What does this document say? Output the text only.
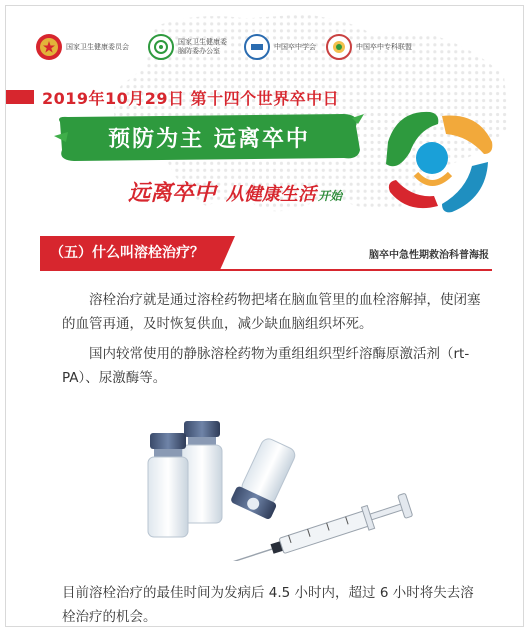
国家卫生健康委员会
国家卫生健康委
脑防委办公室
中国卒中学会	中国卒中专科联盟
2019年10月29日 第十四个世界卒中日
预防为主 远离卒中
远离卒中 从健康生活 开始
（五）什么叫溶栓治疗？	脑卒中急性期救治科普海报
溶栓治疗就是通过溶栓药物把堵在脑血管里的血栓溶解掉，使闭塞的血管再通，及时恢复供血，减少缺血脑组织坏死。
国内较常使用的静脉溶栓药物为重组组织型纤溶酶原激活剂（rt-PA）、尿激酶等。
目前溶栓治疗的最佳时间为发病后 4.5 小时内，超过 6 小时将失去溶栓治疗的机会。
